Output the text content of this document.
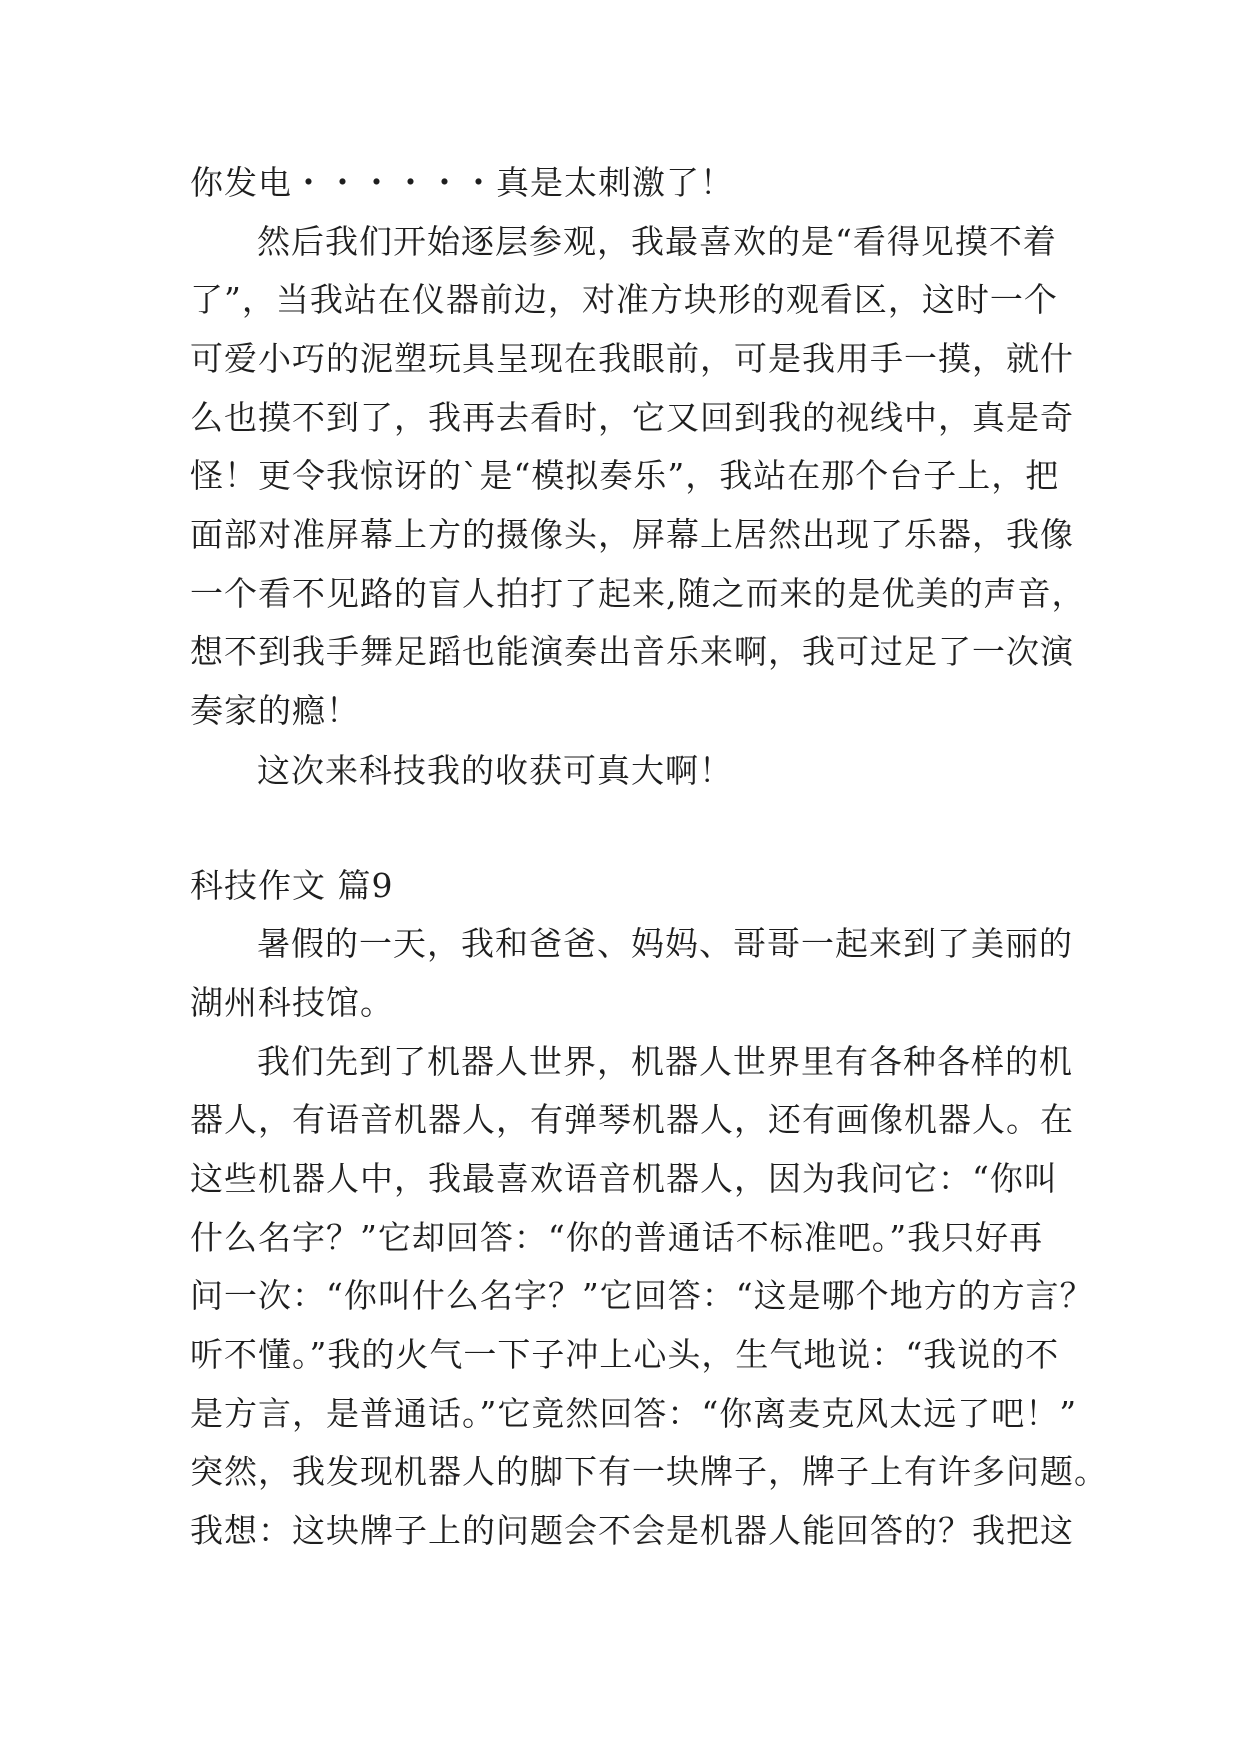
你发电・・・・・・真是太刺激了！
然后我们开始逐层参观，我最喜欢的是“看得见摸不着
了”，当我站在仪器前边，对准方块形的观看区，这时一个
可爱小巧的泥塑玩具呈现在我眼前，可是我用手一摸，就什
么也摸不到了，我再去看时，它又回到我的视线中，真是奇
怪！更令我惊讶的`是“模拟奏乐”，我站在那个台子上，把
面部对准屏幕上方的摄像头，屏幕上居然出现了乐器，我像
一个看不见路的盲人拍打了起来,随之而来的是优美的声音，
想不到我手舞足蹈也能演奏出音乐来啊，我可过足了一次演
奏家的瘾！
这次来科技我的收获可真大啊！
科技作文 篇9
暑假的一天，我和爸爸、妈妈、哥哥一起来到了美丽的
湖州科技馆。
我们先到了机器人世界，机器人世界里有各种各样的机
器人，有语音机器人，有弹琴机器人，还有画像机器人。在
这些机器人中，我最喜欢语音机器人，因为我问它：“你叫
什么名字？”它却回答：“你的普通话不标准吧。”我只好再
问一次：“你叫什么名字？”它回答：“这是哪个地方的方言？
听不懂。”我的火气一下子冲上心头，生气地说：“我说的不
是方言，是普通话。”它竟然回答：“你离麦克风太远了吧！”
突然，我发现机器人的脚下有一块牌子，牌子上有许多问题。
我想：这块牌子上的问题会不会是机器人能回答的？我把这
